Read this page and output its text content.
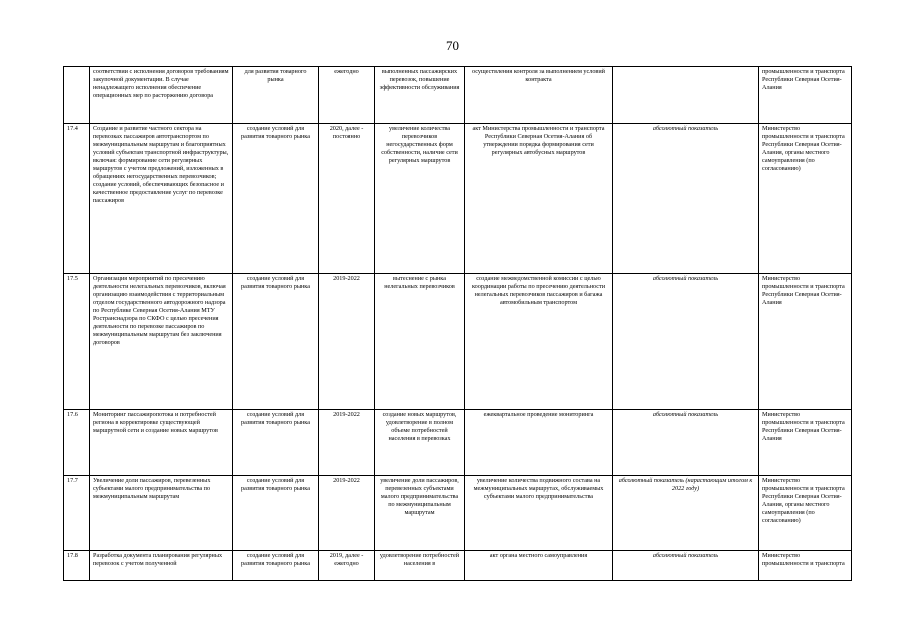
70
	соответствии с исполнения договоров требованиям закупочной документации. В случае ненадлежащего исполнения обеспечение операционных мер по расторжению договора	для развития товарного рынка	ежегодно	выполненных пассажирских перевозок, повышение эффективности обслуживания	осуществления контроля за выполнением условий контракта		промышленности и транспорта Республики Северная Осетия-Алания
17.4	Создание и развитие частного сектора на перевозках пассажиров автотранспортом по межмуниципальным маршрутам и благоприятных условий субъектам транспортной инфраструктуры, включая: формирование сети регулярных маршрутов с учетом предложений, изложенных в обращениях негосударственных перевозчиков; создание условий, обеспечивающих безопасное и качественное предоставление услуг по перевозке пассажиров	создание условий для развития товарного рынка	2020, далее - постоянно	увеличение количества перевозчиков негосударственных форм собственности, наличие сети регулярных маршрутов	акт Министерства промышленности и транспорта Республики Северная Осетия-Алания об утверждении порядка формирования сети регулярных автобусных маршрутов	абсолютный показатель	Министерство промышленности и транспорта Республики Северная Осетия-Алания, органы местного самоуправления (по согласованию)
17.5	Организация мероприятий по пресечению деятельности нелегальных перевозчиков, включая организацию взаимодействия с территориальным отделом государственного автодорожного надзора по Республике Северная Осетия-Алания МТУ Ространснадзора по СКФО с целью пресечения деятельности по перевозке пассажиров по межмуниципальным маршрутам без заключения договоров	создание условий для развития товарного рынка	2019-2022	вытеснение с рынка нелегальных перевозчиков	создание межведомственной комиссии с целью координации работы по пресечению деятельности нелегальных перевозчиков пассажиров и багажа автомобильным транспортом	абсолютный показатель	Министерство промышленности и транспорта Республики Северная Осетия-Алания
17.6	Мониторинг пассажиропотока и потребностей региона в корректировке существующей маршрутной сети и создание новых маршрутов	создание условий для развития товарного рынка	2019-2022	создание новых маршрутов, удовлетворение в полном объеме потребностей населения в перевозках	ежеквартальное проведение мониторинга	абсолютный показатель	Министерство промышленности и транспорта Республики Северная Осетия-Алания
17.7	Увеличение доли пассажиров, перевезенных субъектами малого предпринимательства по межмуниципальным маршрутам	создание условий для развития товарного рынка	2019-2022	увеличение доли пассажиров, перевезенных субъектами малого предпринимательства по межмуниципальным маршрутам	увеличение количества подвижного состава на межмуниципальных маршрутах, обслуживаемых субъектами малого предпринимательства	абсолютный показатель (нарастающим итогом к 2022 году)	Министерство промышленности и транспорта Республики Северная Осетия-Алания, органы местного самоуправления (по согласованию)
17.8	Разработка документа планирования регулярных перевозок с учетом полученной	создание условий для развития товарного рынка	2019, далее - ежегодно	удовлетворение потребностей населения в	акт органа местного самоуправления	абсолютный показатель	Министерство промышленности и транспорта
